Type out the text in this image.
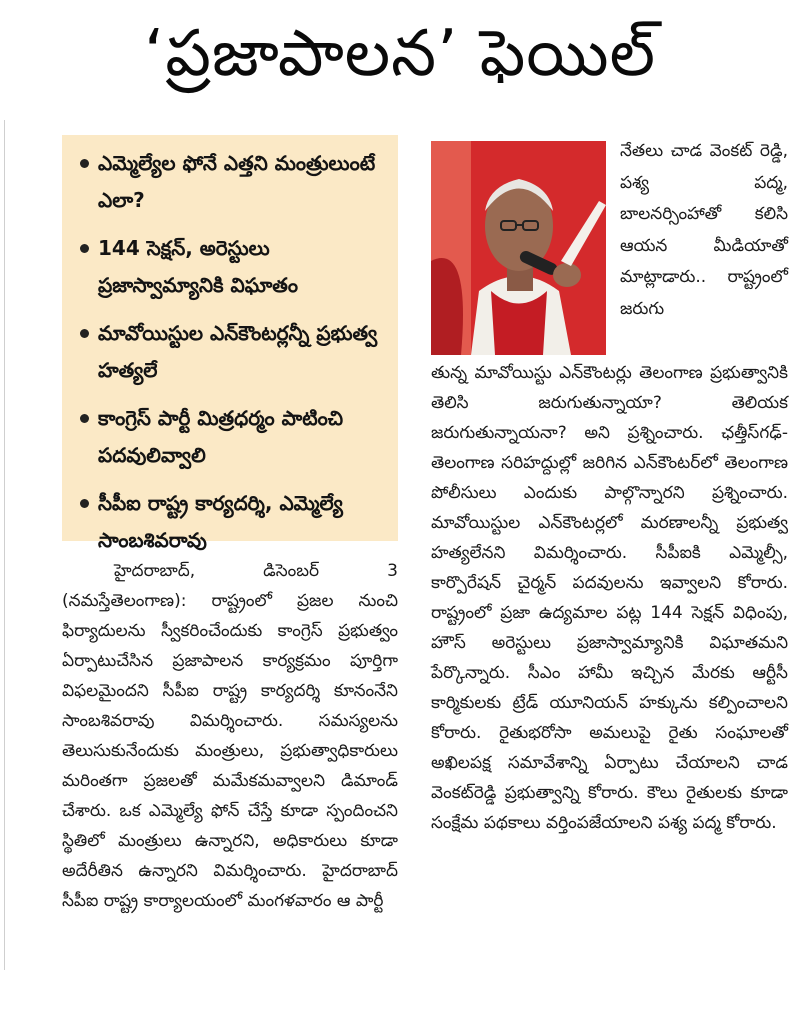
‘ప్రజాపాలన’ ఫెయిల్
ఎమ్మెల్యేల ఫోనే ఎత్తని మంత్రులుంటే ఎలా?
144 సెక్షన్, అరెస్టులు ప్రజాస్వామ్యానికి విఘాతం
మావోయిస్టుల ఎన్‌కౌంటర్లన్నీ ప్రభుత్వ హత్యలే
కాంగ్రెస్ పార్టీ మిత్రధర్మం పాటించి పదవులివ్వాలి
సీపీఐ రాష్ట్ర కార్యదర్శి, ఎమ్మెల్యే సాంబశివరావు

నేతలు చాడ వెంకట్ రెడ్డి, పశ్య పద్మ, బాలనర్సింహాతో కలిసి ఆయన మీడియాతో మాట్లాడారు.. రాష్ట్రంలో జరుగు

హైదరాబాద్, డిసెంబర్ 3 (నమస్తేతెలంగాణ): రాష్ట్రంలో ప్రజల నుంచి ఫిర్యాదులను స్వీకరించేందుకు కాంగ్రెస్ ప్రభుత్వం ఏర్పాటుచేసిన ప్రజాపాలన కార్యక్రమం పూర్తిగా విఫలమైందని సీపీఐ రాష్ట్ర కార్యదర్శి కూనంనేని సాంబశివరావు విమర్శించారు. సమస్యలను తెలుసుకునేందుకు మంత్రులు, ప్రభుత్వాధికారులు మరింతగా ప్రజలతో మమేకమవ్వాలని డిమాండ్ చేశారు. ఒక ఎమ్మెల్యే ఫోన్ చేస్తే కూడా స్పందించని స్థితిలో మంత్రులు ఉన్నారని, అధికారులు కూడా అదేరీతిన ఉన్నారని విమర్శించారు. హైదరాబాద్ సీపీఐ రాష్ట్ర కార్యాలయంలో మంగళవారం ఆ పార్టీ

తున్న మావోయిస్టు ఎన్‌కౌంటర్లు తెలంగాణ ప్రభుత్వానికి తెలిసి జరుగుతున్నాయా? తెలియక జరుగుతున్నాయనా? అని ప్రశ్నించారు. ఛత్తీస్‌గఢ్-తెలంగాణ సరిహద్దుల్లో జరిగిన ఎన్‌కౌంటర్‌లో తెలంగాణ పోలీసులు ఎందుకు పాల్గొన్నారని ప్రశ్నించారు. మావోయిస్టుల ఎన్‌కౌంటర్లలో మరణాలన్నీ ప్రభుత్వ హత్యలేనని విమర్శించారు. సీపీఐకి ఎమ్మెల్సీ, కార్పొరేషన్ చైర్మన్ పదవులను ఇవ్వాలని కోరారు. రాష్ట్రంలో ప్రజా ఉద్యమాల పట్ల 144 సెక్షన్ విధింపు, హౌస్ అరెస్టులు ప్రజాస్వామ్యానికి విఘాతమని పేర్కొన్నారు. సీఎం హామీ ఇచ్చిన మేరకు ఆర్టీసీ కార్మికులకు ట్రేడ్ యూనియన్ హక్కును కల్పించాలని కోరారు. రైతుభరోసా అమలుపై రైతు సంఘాలతో అఖిలపక్ష సమావేశాన్ని ఏర్పాటు చేయాలని చాడ వెంకట్‌రెడ్డి ప్రభుత్వాన్ని కోరారు. కౌలు రైతులకు కూడా సంక్షేమ పథకాలు వర్తింపజేయాలని పశ్య పద్మ కోరారు.
